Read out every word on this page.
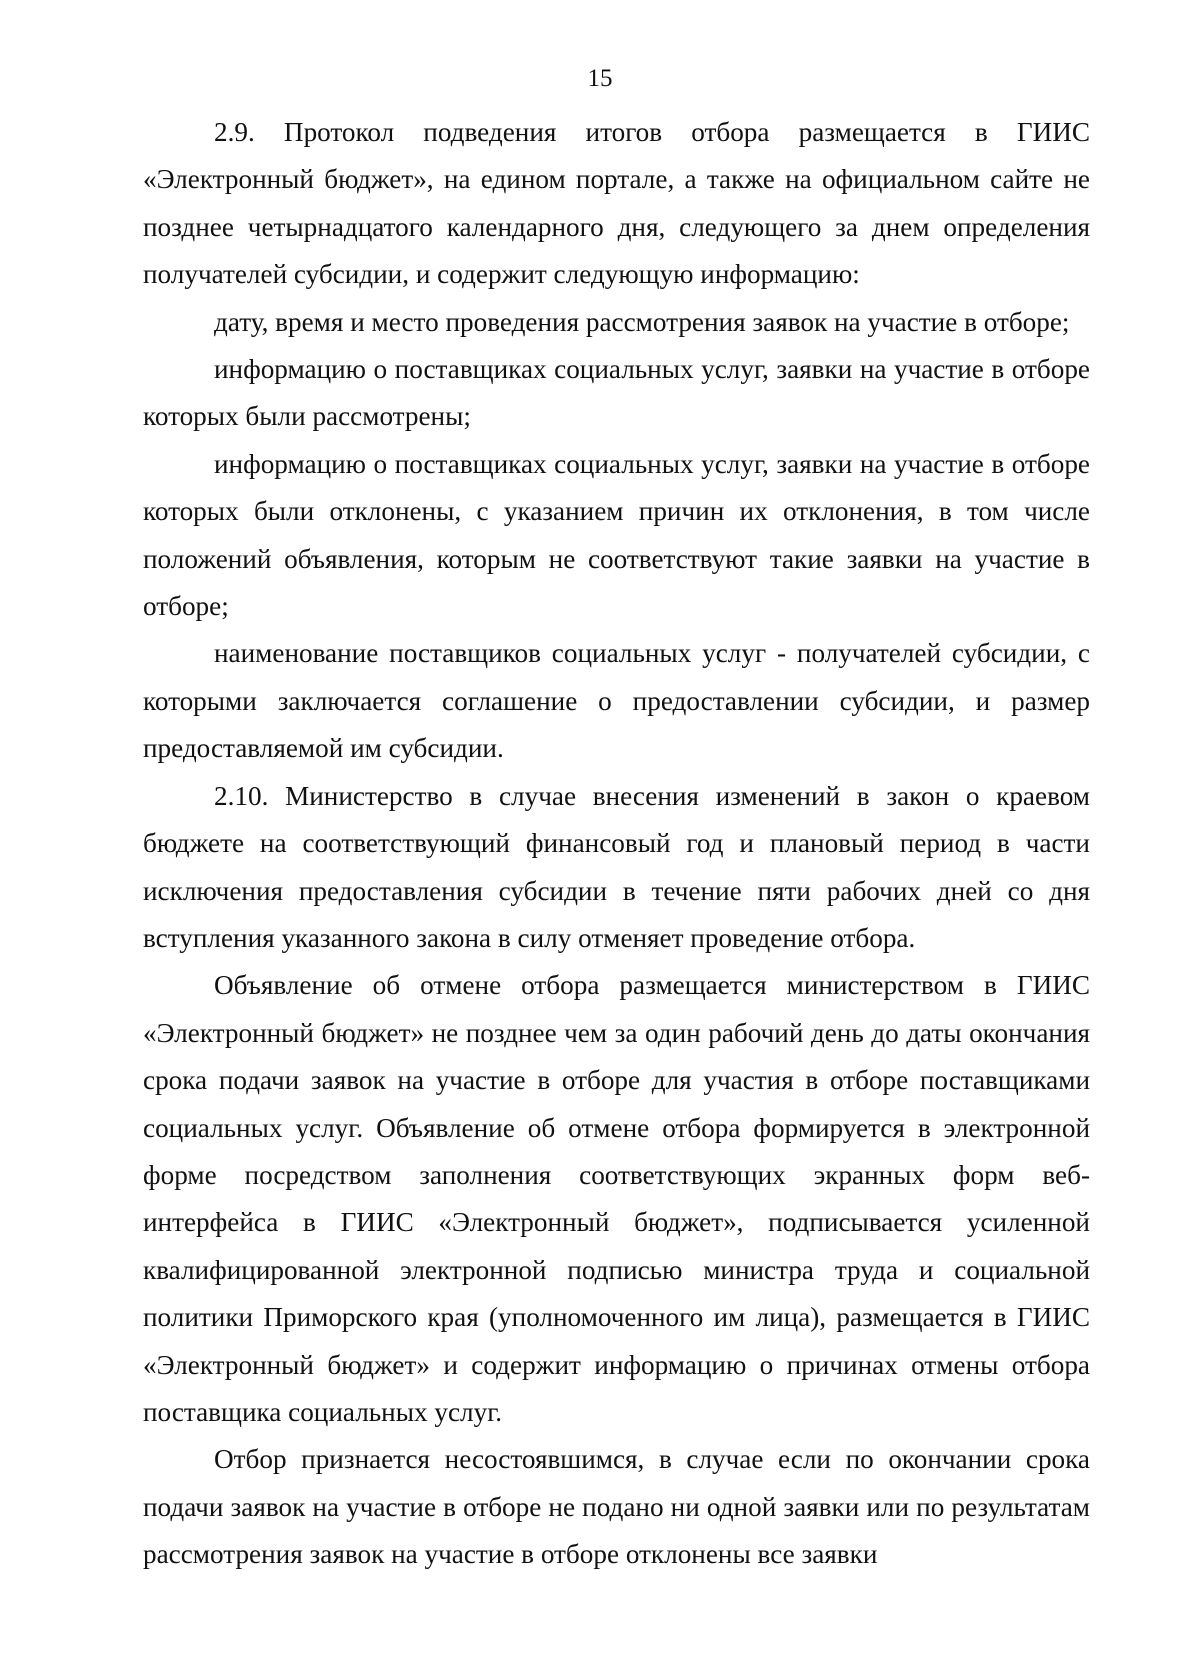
15

2.9. Протокол подведения итогов отбора размещается в ГИИС «Электронный бюджет», на едином портале, а также на официальном сайте не позднее четырнадцатого календарного дня, следующего за днем определения получателей субсидии, и содержит следующую информацию:

дату, время и место проведения рассмотрения заявок на участие в отборе;

информацию о поставщиках социальных услуг, заявки на участие в отборе которых были рассмотрены;

информацию о поставщиках социальных услуг, заявки на участие в отборе которых были отклонены, с указанием причин их отклонения, в том числе положений объявления, которым не соответствуют такие заявки на участие в отборе;

наименование поставщиков социальных услуг - получателей субсидии, с которыми заключается соглашение о предоставлении субсидии, и размер предоставляемой им субсидии.

2.10. Министерство в случае внесения изменений в закон о краевом бюджете на соответствующий финансовый год и плановый период в части исключения предоставления субсидии в течение пяти рабочих дней со дня вступления указанного закона в силу отменяет проведение отбора.

Объявление об отмене отбора размещается министерством в ГИИС «Электронный бюджет» не позднее чем за один рабочий день до даты окончания срока подачи заявок на участие в отборе для участия в отборе поставщиками социальных услуг. Объявление об отмене отбора формируется в электронной форме посредством заполнения соответствующих экранных форм веб-интерфейса в ГИИС «Электронный бюджет», подписывается усиленной квалифицированной электронной подписью министра труда и социальной политики Приморского края (уполномоченного им лица), размещается в ГИИС «Электронный бюджет» и содержит информацию о причинах отмены отбора поставщика социальных услуг.

Отбор признается несостоявшимся, в случае если по окончании срока подачи заявок на участие в отборе не подано ни одной заявки или по результатам рассмотрения заявок на участие в отборе отклонены все заявки
